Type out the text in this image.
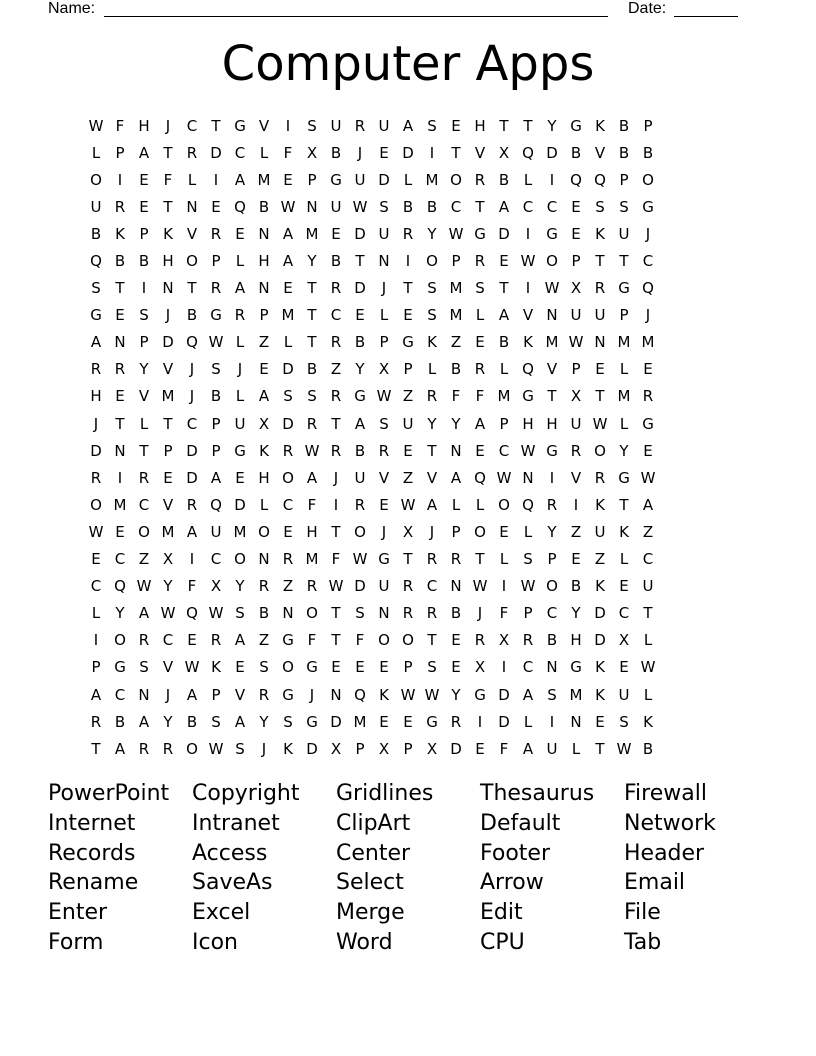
Name:	Date:
Computer Apps
W F H	J	C T G V	I	S U R U A S E H T T Y G K B P
L	P A T R D C L	F X B	J	E D	I	T V X Q D B V B B
O	I	E F	L	I	A M E P G U D L M O R B L	I	Q Q P O
U R E T N E Q B W N U W S B B C T A C C E S S G
B K P K V R E N A M E D U R Y W G D	I	G E K U	J
Q B B H O P	L H A Y B T N	I	O P R E W O P T T C
S T	I	N T R A N E T R D	J	T S M S T	I W X R G Q
G E S	J	B G R P M T C E	L	E S M L A V N U U P	J
A N P D Q W L Z L	T R B P G K Z E B K M W N M M
R R Y V	J	S	J	E D B Z Y X P	L B R L Q V P E	L	E
H E V M	J	B L A S S R G W Z R F	F M G T X T M R
J	T	L	T C P U X D R T A S U Y Y A P H H U W L G
D N T P D P G K R W R B R E T N E C W G R O Y E
R	I	R E D A E H O A	J	U V Z V A Q W N	I	V R G W
O M C V R Q D L C F	I	R E W A L	L O Q R	I	K T A
W E O M A U M O E H T O	J	X	J	P O E	L	Y Z U K Z
E C Z X	I	C O N R M F W G T R R T	L	S P E Z L C
C Q W Y	F X Y R Z R W D U R C N W I W O B K E U
L	Y A W Q W S B N O T S N R R B	J	F	P C Y D C T
I	O R C E R A Z G F	T	F O O T E R X R B H D X L
P G S V W K E S O G E E E P S E X	I	C N G K E W
A C N	J	A P V R G	J	N Q K W W Y G D A S M K U L
R B A Y B S A Y S G D M E E G R	I	D L	I	N E S K
T A R R O W S	J	K D X P X P X D E F A U L	T W B
PowerPoint	Copyright	Gridlines	Thesaurus	Firewall
Internet	Intranet	ClipArt	Default	Network
Records	Access	Center	Footer	Header
Rename	SaveAs	Select	Arrow	Email
Enter	Excel	Merge	Edit	File
Form	Icon	Word	CPU	Tab
